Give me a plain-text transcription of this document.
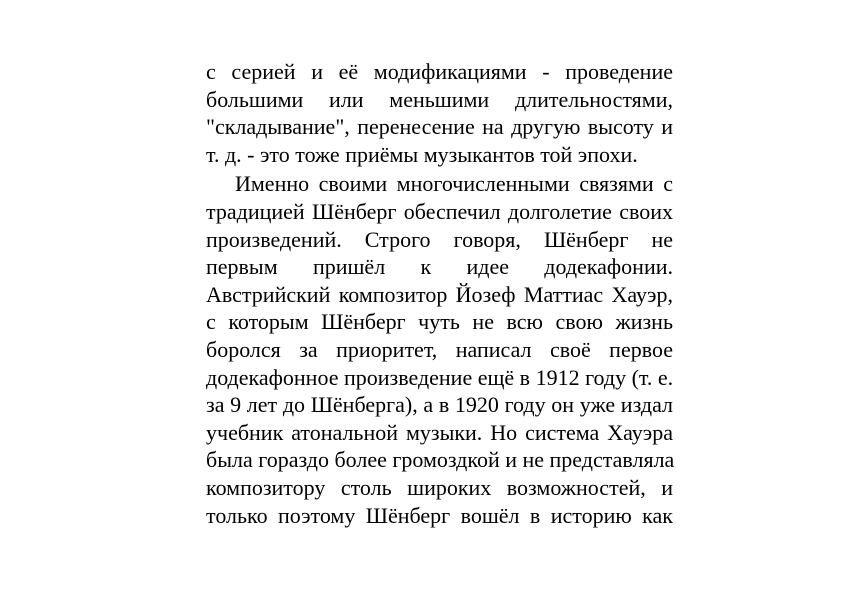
с серией и её модификациями - проведение
большими или меньшими длительностями,
"складывание", перенесение на другую высоту и
т. д. - это тоже приёмы музыкантов той эпохи.
Именно своими многочисленными связями с
традицией Шёнберг обеспечил долголетие своих
произведений. Строго говоря, Шёнберг не
первым пришёл к идее додекафонии.
Австрийский композитор Йозеф Маттиас Хауэр,
с которым Шёнберг чуть не всю свою жизнь
боролся за приоритет, написал своё первое
додекафонное произведение ещё в 1912 году (т. е.
за 9 лет до Шёнберга), а в 1920 году он уже издал
учебник атональной музыки. Но система Хауэра
была гораздо более громоздкой и не представляла
композитору столь широких возможностей, и
только поэтому Шёнберг вошёл в историю как
